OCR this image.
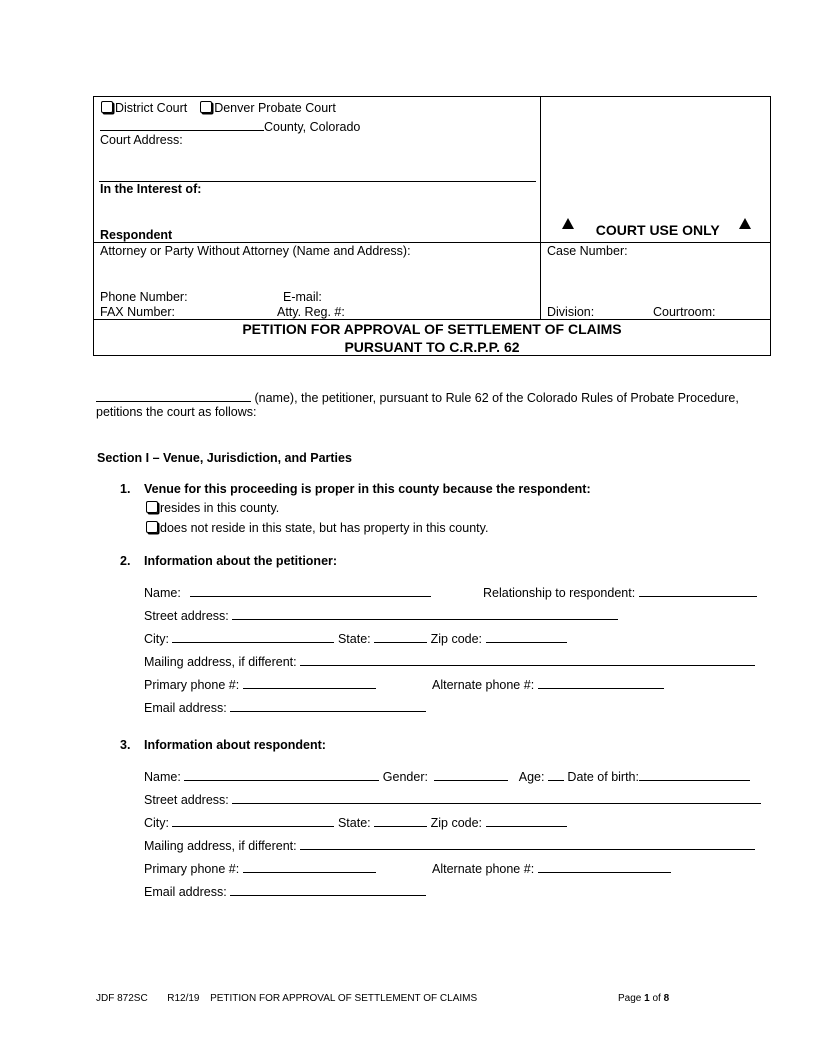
District Court Denver Probate Court
County, Colorado
Court Address:
In the Interest of:
Respondent	COURT USE ONLY
Attorney or Party Without Attorney (Name and Address):
Phone Number:	E-mail:
FAX Number:	Atty. Reg. #:
Case Number:
Division:	Courtroom:
PETITION FOR APPROVAL OF SETTLEMENT OF CLAIMS
PURSUANT TO C.R.P.P. 62
(name), the petitioner, pursuant to Rule 62 of the Colorado Rules of Probate Procedure,
petitions the court as follows:
Section I – Venue, Jurisdiction, and Parties
1. Venue for this proceeding is proper in this county because the respondent:
resides in this county.
does not reside in this state, but has property in this county.
2. Information about the petitioner:
Name:	Relationship to respondent:
Street address:
City:	State:	Zip code:
Mailing address, if different:
Primary phone #:	Alternate phone #:
Email address:
3. Information about respondent:
Name:	Gender:	Age: Date of birth:
Street address:
City:	State:	Zip code:
Mailing address, if different:
Primary phone #:	Alternate phone #:
Email address:
JDF 872SC R12/19 PETITION FOR APPROVAL OF SETTLEMENT OF CLAIMS	Page 1 of 8
